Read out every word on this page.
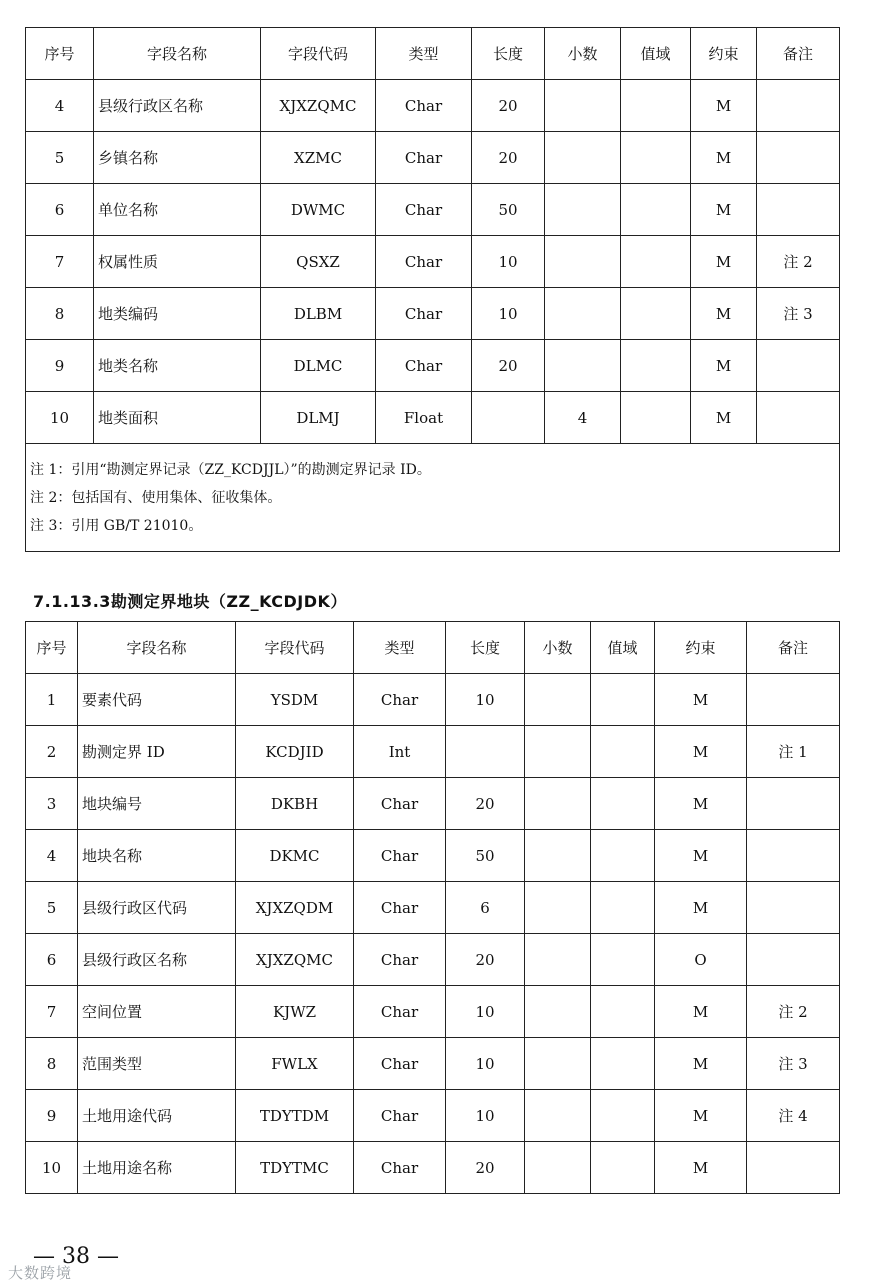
序号	字段名称	字段代码	类型	长度	小数	值域	约束	备注
4	县级行政区名称	XJXZQMC	Char	20			M	
5	乡镇名称	XZMC	Char	20			M	
6	单位名称	DWMC	Char	50			M	
7	权属性质	QSXZ	Char	10			M	注 2
8	地类编码	DLBM	Char	10			M	注 3
9	地类名称	DLMC	Char	20			M	
10	地类面积	DLMJ	Float		4		M	

注 1：引用“勘测定界记录（ZZ_KCDJJL）”的勘测定界记录 ID。
注 2：包括国有、使用集体、征收集体。
注 3：引用 GB/T 21010。								
7.1.13.3勘测定界地块（ZZ_KCDJDK）
序号	字段名称	字段代码	类型	长度	小数	值域	约束	备注
1	要素代码	YSDM	Char	10			M	
2	勘测定界 ID	KCDJID	Int				M	注 1
3	地块编号	DKBH	Char	20			M	
4	地块名称	DKMC	Char	50			M	
5	县级行政区代码	XJXZQDM	Char	6			M	
6	县级行政区名称	XJXZQMC	Char	20			O	
7	空间位置	KJWZ	Char	10			M	注 2
8	范围类型	FWLX	Char	10			M	注 3
9	土地用途代码	TDYTDM	Char	10			M	注 4
10	土地用途名称	TDYTMC	Char	20			M	
— 38 —
大数跨境
